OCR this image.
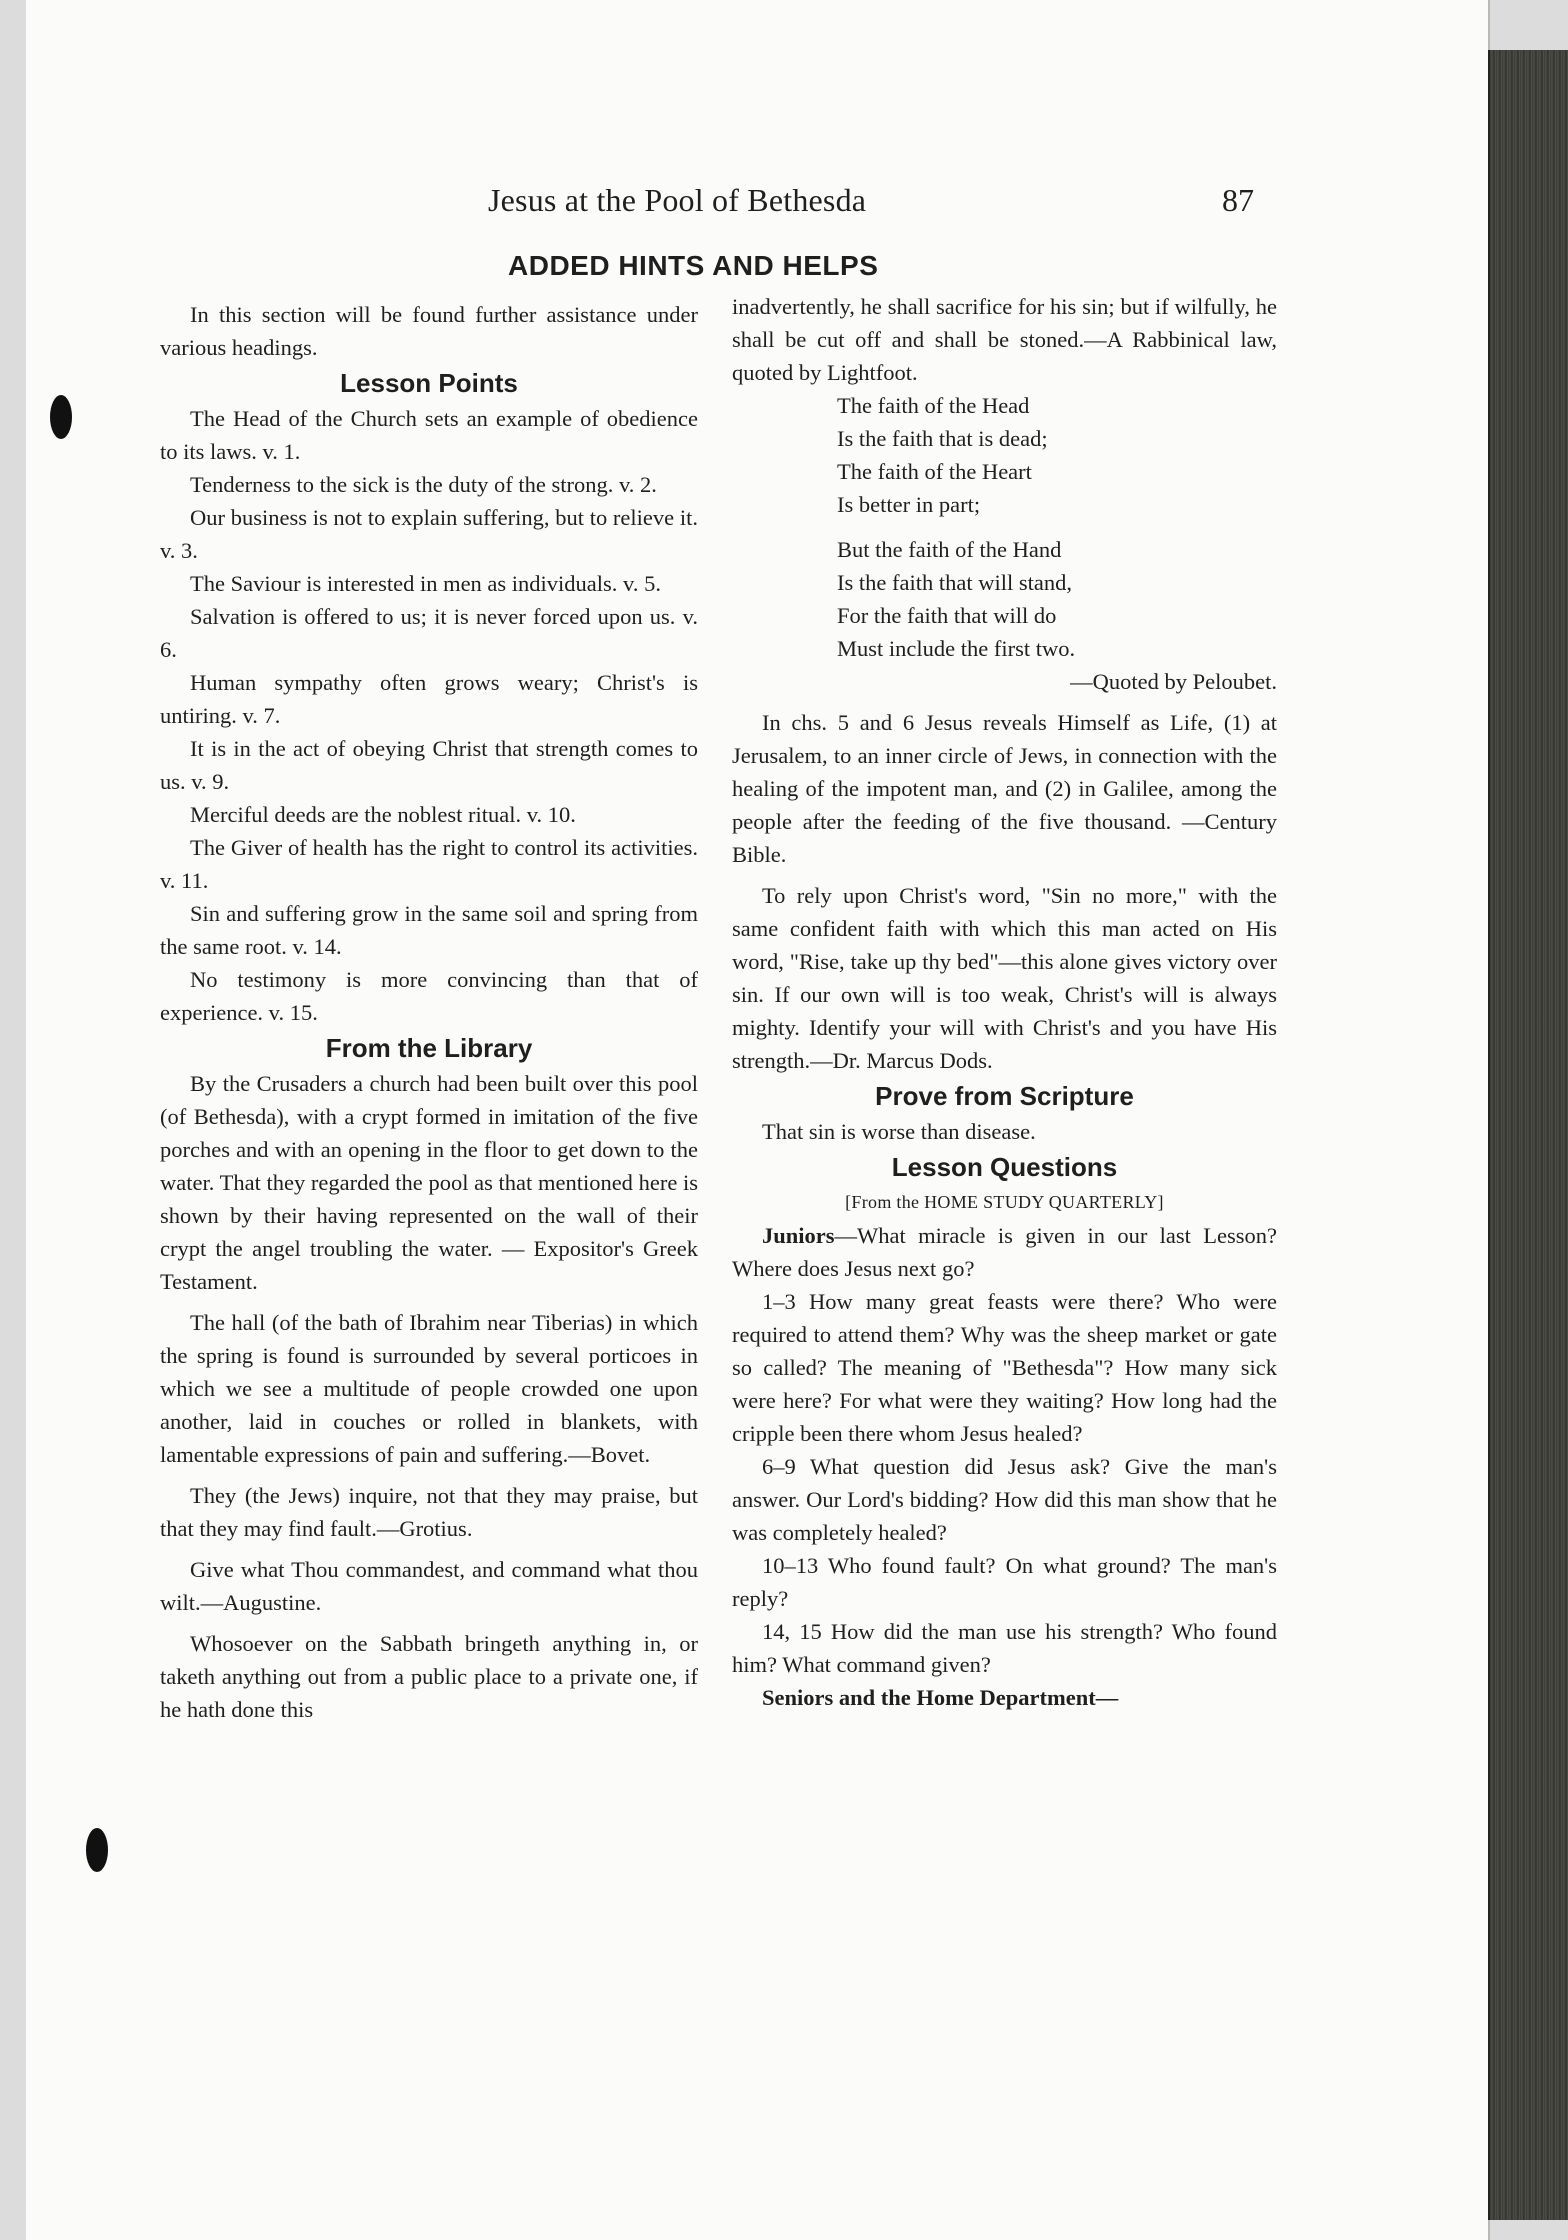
Jesus at the Pool of Bethesda	87
ADDED HINTS AND HELPS

In this section will be found further assistance under various headings.

Lesson Points

The Head of the Church sets an example of obedience to its laws. v. 1.

Tenderness to the sick is the duty of the strong. v. 2.

Our business is not to explain suffering, but to relieve it. v. 3.

The Saviour is interested in men as individuals. v. 5.

Salvation is offered to us; it is never forced upon us. v. 6.

Human sympathy often grows weary; Christ's is untiring. v. 7.

It is in the act of obeying Christ that strength comes to us. v. 9.

Merciful deeds are the noblest ritual. v. 10.

The Giver of health has the right to control its activities. v. 11.

Sin and suffering grow in the same soil and spring from the same root. v. 14.

No testimony is more convincing than that of experience. v. 15.

From the Library

By the Crusaders a church had been built over this pool (of Bethesda), with a crypt formed in imitation of the five porches and with an opening in the floor to get down to the water. That they regarded the pool as that mentioned here is shown by their having represented on the wall of their crypt the angel troubling the water. — Expositor's Greek Testament.

The hall (of the bath of Ibrahim near Tiberias) in which the spring is found is surrounded by several porticoes in which we see a multitude of people crowded one upon another, laid in couches or rolled in blankets, with lamentable expressions of pain and suffering.—Bovet.

They (the Jews) inquire, not that they may praise, but that they may find fault.—Grotius.

Give what Thou commandest, and command what thou wilt.—Augustine.

Whosoever on the Sabbath bringeth anything in, or taketh anything out from a public place to a private one, if he hath done this

inadvertently, he shall sacrifice for his sin; but if wilfully, he shall be cut off and shall be stoned.—A Rabbinical law, quoted by Lightfoot.

The faith of the Head
Is the faith that is dead;
The faith of the Heart
Is better in part;
But the faith of the Hand
Is the faith that will stand,
For the faith that will do
Must include the first two.
—Quoted by Peloubet.

In chs. 5 and 6 Jesus reveals Himself as Life, (1) at Jerusalem, to an inner circle of Jews, in connection with the healing of the impotent man, and (2) in Galilee, among the people after the feeding of the five thousand. —Century Bible.

To rely upon Christ's word, "Sin no more," with the same confident faith with which this man acted on His word, "Rise, take up thy bed"—this alone gives victory over sin. If our own will is too weak, Christ's will is always mighty. Identify your will with Christ's and you have His strength.—Dr. Marcus Dods.

Prove from Scripture

That sin is worse than disease.

Lesson Questions

[From the HOME STUDY QUARTERLY]

Juniors—What miracle is given in our last Lesson? Where does Jesus next go?

1–3 How many great feasts were there? Who were required to attend them? Why was the sheep market or gate so called? The meaning of "Bethesda"? How many sick were here? For what were they waiting? How long had the cripple been there whom Jesus healed?

6–9 What question did Jesus ask? Give the man's answer. Our Lord's bidding? How did this man show that he was completely healed?

10–13 Who found fault? On what ground? The man's reply?

14, 15 How did the man use his strength? Who found him? What command given?

Seniors and the Home Department—
